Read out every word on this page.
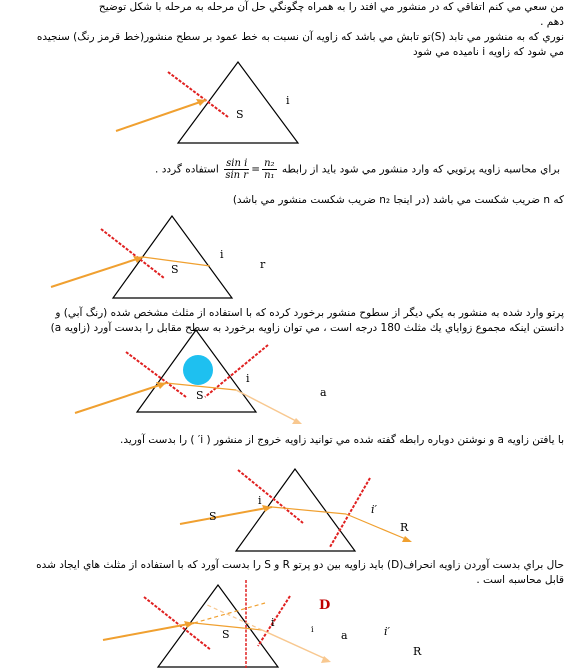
من سعي مي كنم اتفاقي كه در منشور مي افتد را به همراه چگونگي حل آن مرحله به مرحله با شكل توضيح دهم .
نوري كه به منشور مي تابد (S)تو تابش مي باشد كه زاويه آن نسبت به خط عمود بر سطح منشور(خط قرمز رنگ) سنجيده مي شود كه زاويه i ناميده مي شود
S
i
براي محاسبه زاويه پرتويي كه وارد منشور مي شود بايد از رابطه
$\frac{\text{sin i}}{\text{sin r}} = \frac{\text{n₂}}{\text{n₁}}$
استفاده گردد .
كه n ضريب شكست مي باشد (در اينجا n₂ ضريب شكست منشور مي باشد)
S
i
r
پرتو وارد شده به منشور به يكي ديگر از سطوح منشور برخورد كرده كه با استفاده از مثلث مشخص شده (رنگ آبي) و دانستن اينكه مجموع زواياي يك مثلث 180 درجه است ، مي توان زاويه برخورد به سطح مقابل را بدست آورد (زاويه a)
S
i
a
با يافتن زاويه a و نوشتن دوباره رابطه گفته شده مي توانيد زاويه خروج از منشور ( i′ ) را بدست آوريد.
S
i
i′
R
حال براي بدست آوردن زاويه انحراف(D) بايد زاويه بين دو پرتو R و S را بدست آورد كه با استفاده از مثلث هاي ايجاد شده قابل محاسبه است .
S
i
D
i a	i′
R
